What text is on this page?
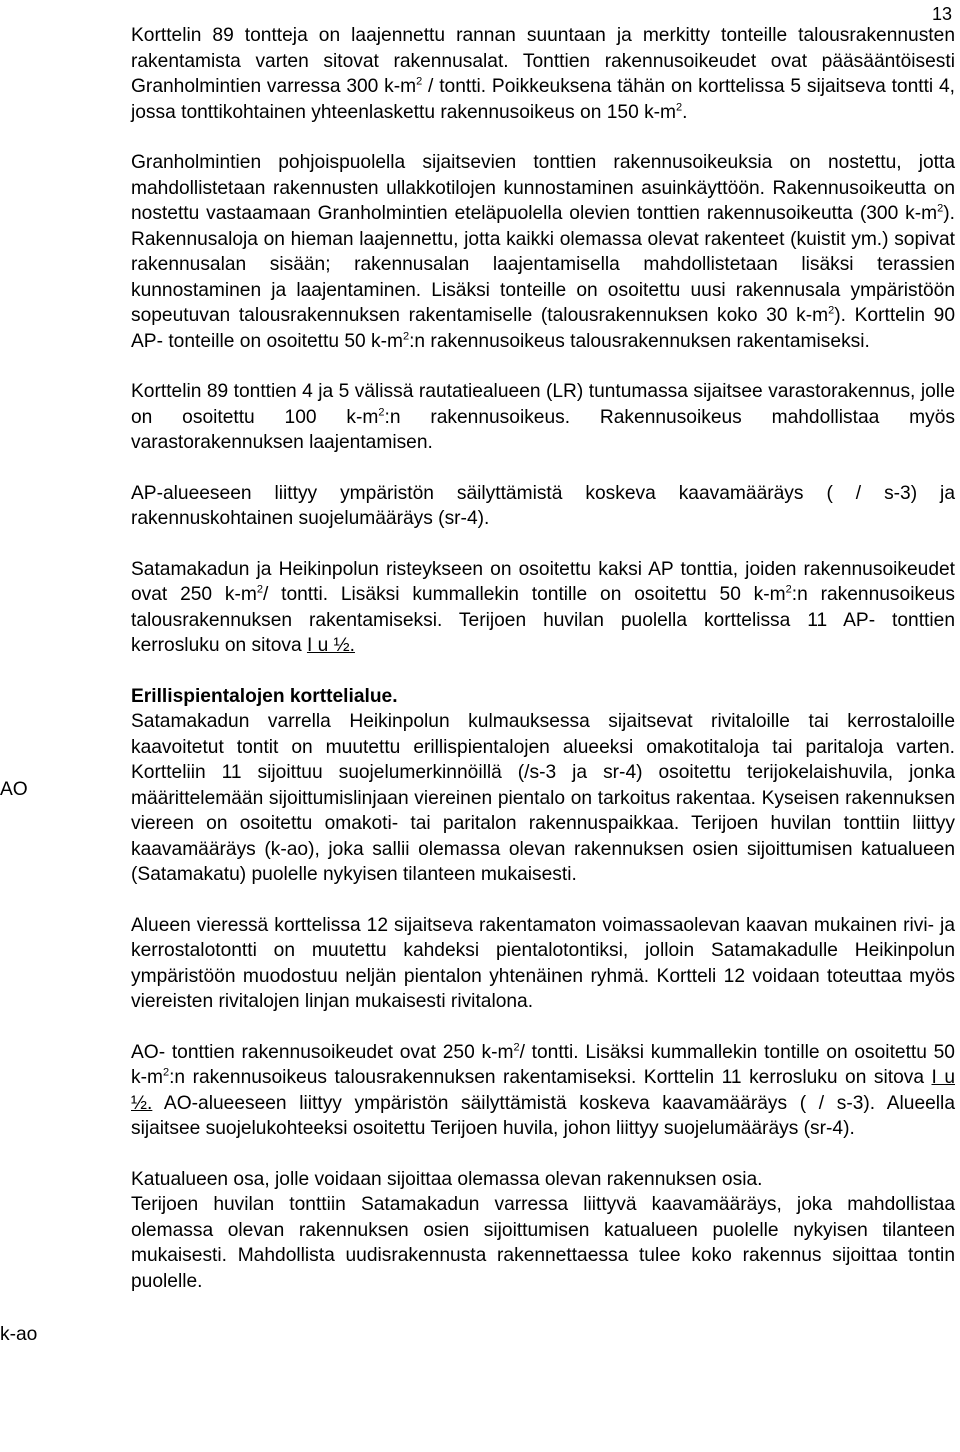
13
AO
k-ao

Korttelin 89 tontteja on laajennettu rannan suuntaan ja merkitty tonteille talousrakennusten rakentamista varten sitovat rakennusalat. Tonttien rakennusoikeudet ovat pääsääntöisesti Granholmintien varressa 300 $k-m^2$ / tontti. Poikkeuksena tähän on korttelissa 5 sijaitseva tontti 4, jossa tonttikohtainen yhteenlaskettu rakennusoikeus on 150 $k-m^2$.

Granholmintien pohjoispuolella sijaitsevien tonttien rakennusoikeuksia on nostettu, jotta mahdollistetaan rakennusten ullakkotilojen kunnostaminen asuinkäyttöön. Rakennusoikeutta on nostettu vastaamaan Granholmintien eteläpuolella olevien tonttien rakennusoikeutta (300 $k-m^2$). Rakennusaloja on hieman laajennettu, jotta kaikki olemassa olevat rakenteet (kuistit ym.) sopivat rakennusalan sisään; rakennusalan laajentamisella mahdollistetaan lisäksi terassien kunnostaminen ja laajentaminen. Lisäksi tonteille on osoitettu uusi rakennusala ympäristöön sopeutuvan talousrakennuksen rakentamiselle (talousrakennuksen koko 30 $k-m^2$). Korttelin 90 AP- tonteille on osoitettu 50 $k-m^2:n$ rakennusoikeus talousrakennuksen rakentamiseksi.

Korttelin 89 tonttien 4 ja 5 välissä rautatiealueen (LR) tuntumassa sijaitsee varastorakennus, jolle on osoitettu 100 $k-m^2:n$ rakennusoikeus. Rakennusoikeus mahdollistaa myös varastorakennuksen laajentamisen.

AP-alueeseen liittyy ympäristön säilyttämistä koskeva kaavamääräys ( / s-3) ja rakennuskohtainen suojelumääräys (sr-4).

Satamakadun ja Heikinpolun risteykseen on osoitettu kaksi AP tonttia, joiden rakennusoikeudet ovat 250 $k-m^2/$ tontti. Lisäksi kummallekin tontille on osoitettu 50 $k-m^2:n$ rakennusoikeus talousrakennuksen rakentamiseksi. Terijoen huvilan puolella korttelissa 11 AP- tonttien kerrosluku on sitova I u ½.

Erillispientalojen korttelialue.

Satamakadun varrella Heikinpolun kulmauksessa sijaitsevat rivitaloille tai kerrostaloille kaavoitetut tontit on muutettu erillispientalojen alueeksi omakotitaloja tai paritaloja varten. Kortteliin 11 sijoittuu suojelumerkinnöillä (/s-3 ja sr-4) osoitettu terijokelaishuvila, jonka määrittelemään sijoittumislinjaan viereinen pientalo on tarkoitus rakentaa. Kyseisen rakennuksen viereen on osoitettu omakoti- tai paritalon rakennuspaikkaa. Terijoen huvilan tonttiin liittyy kaavamääräys (k-ao), joka sallii olemassa olevan rakennuksen osien sijoittumisen katualueen (Satamakatu) puolelle nykyisen tilanteen mukaisesti.

Alueen vieressä korttelissa 12 sijaitseva rakentamaton voimassaolevan kaavan mukainen rivi- ja kerrostalotontti on muutettu kahdeksi pientalotontiksi, jolloin Satamakadulle Heikinpolun ympäristöön muodostuu neljän pientalon yhtenäinen ryhmä. Kortteli 12 voidaan toteuttaa myös viereisten rivitalojen linjan mukaisesti rivitalona.

AO- tonttien rakennusoikeudet ovat 250 $k-m^2/$ tontti. Lisäksi kummallekin tontille on osoitettu 50 $k-m^2:n$ rakennusoikeus talousrakennuksen rakentamiseksi. Korttelin 11 kerrosluku on sitova I u ½. AO-alueeseen liittyy ympäristön säilyttämistä koskeva kaavamääräys ( / s-3). Alueella sijaitsee suojelukohteeksi osoitettu Terijoen huvila, johon liittyy suojelumääräys (sr-4).

Katualueen osa, jolle voidaan sijoittaa olemassa olevan rakennuksen osia.

Terijoen huvilan tonttiin Satamakadun varressa liittyvä kaavamääräys, joka mahdollistaa olemassa olevan rakennuksen osien sijoittumisen katualueen puolelle nykyisen tilanteen mukaisesti. Mahdollista uudisrakennusta rakennettaessa tulee koko rakennus sijoittaa tontin puolelle.
